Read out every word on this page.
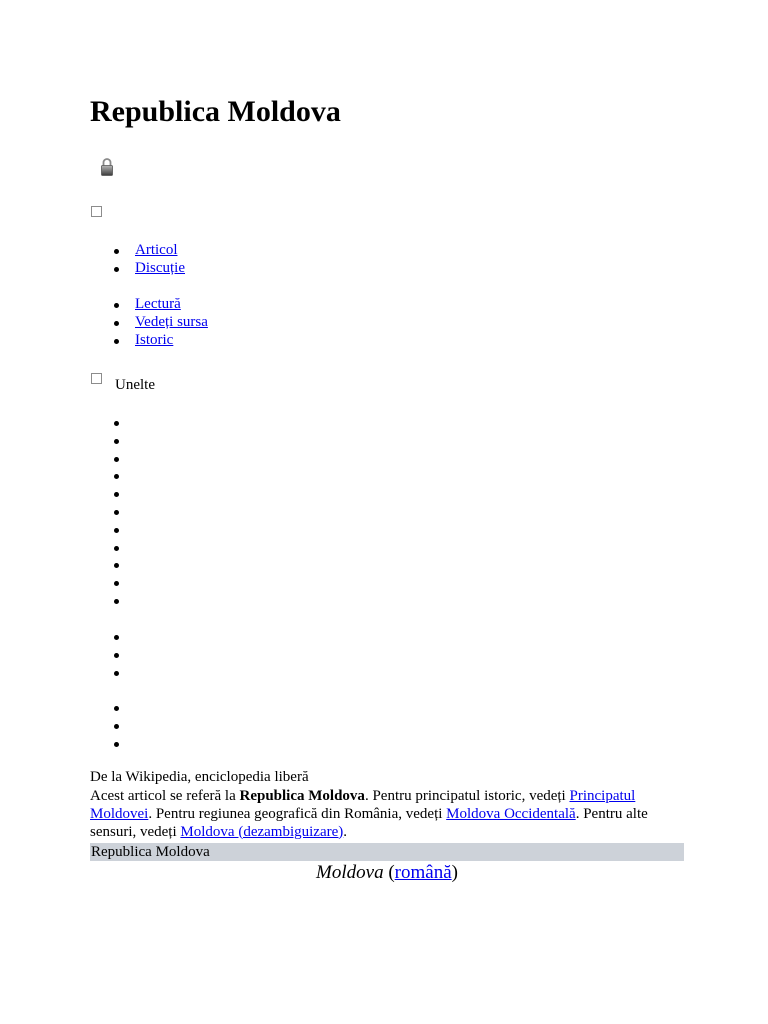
Republica Moldova
Articol
Discuție
Lectură
Vedeți sursa
Istoric
Unelte
De la Wikipedia, enciclopedia liberă
Acest articol se referă la Republica Moldova. Pentru principatul istoric, vedeți Principatul Moldovei. Pentru regiunea geografică din România, vedeți Moldova Occidentală. Pentru alte sensuri, vedeți Moldova (dezambiguizare).
Republica Moldova
Moldova (română)
